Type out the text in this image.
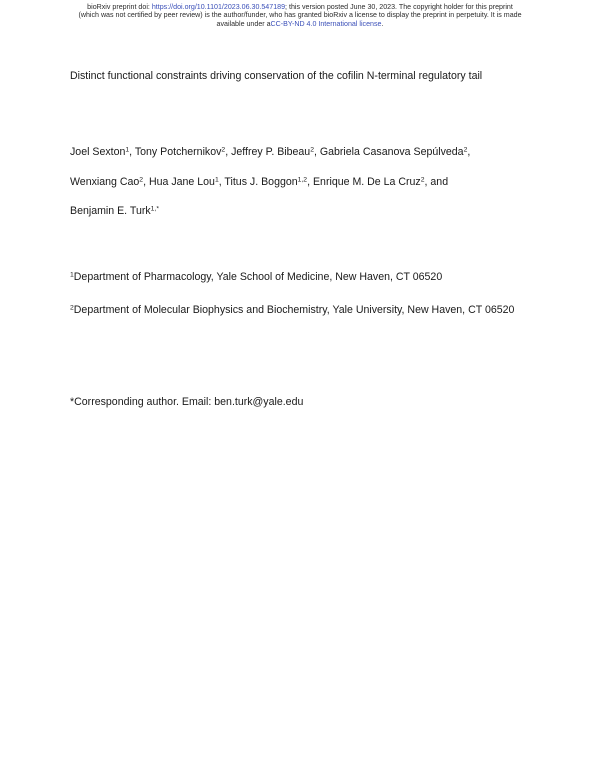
bioRxiv preprint doi: https://doi.org/10.1101/2023.06.30.547189; this version posted June 30, 2023. The copyright holder for this preprint
(which was not certified by peer review) is the author/funder, who has granted bioRxiv a license to display the preprint in perpetuity. It is made
available under aCC-BY-ND 4.0 International license.
Distinct functional constraints driving conservation of the cofilin N-terminal regulatory tail
Joel Sexton$^1$, Tony Potchernikov$^2$, Jeffrey P. Bibeau$^2$, Gabriela Casanova Sepúlveda$^2$,
Wenxiang Cao$^2$, Hua Jane Lou$^1$, Titus J. Boggon$^{1,2}$, Enrique M. De La Cruz$^2$, and
Benjamin E. Turk$^{1,*}$

$^1$Department of Pharmacology, Yale School of Medicine, New Haven, CT 06520

$^2$Department of Molecular Biophysics and Biochemistry, Yale University, New Haven, CT 06520

*Corresponding author. Email: ben.turk@yale.edu
